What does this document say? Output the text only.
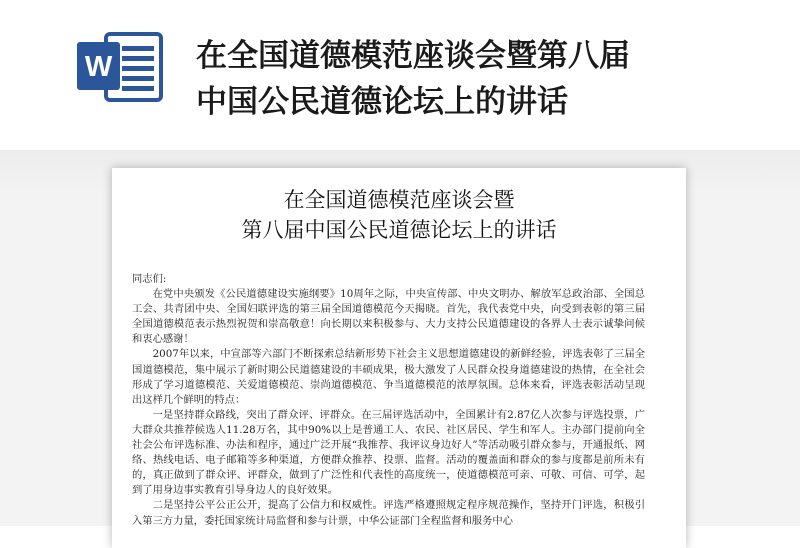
W	在全国道德模范座谈会暨第八届
中国公民道德论坛上的讲话
在全国道德模范座谈会暨
第八届中国公民道德论坛上的讲话

同志们:

在党中央颁发《公民道德建设实施纲要》10周年之际，中央宣传部、中央文明办、解放军总政治部、全国总工会、共青团中央、全国妇联评选的第三届全国道德模范今天揭晓。首先，我代表党中央，向受到表彰的第三届全国道德模范表示热烈祝贺和崇高敬意！向长期以来积极参与、大力支持公民道德建设的各界人士表示诚挚问候和衷心感谢！

2007年以来，中宣部等六部门不断探索总结新形势下社会主义思想道德建设的新鲜经验，评选表彰了三届全国道德模范，集中展示了新时期公民道德建设的丰硕成果，极大激发了人民群众投身道德建设的热情，在全社会形成了学习道德模范、关爱道德模范、崇尚道德模范、争当道德模范的浓厚氛围。总体来看，评选表彰活动呈现出这样几个鲜明的特点：

一是坚持群众路线，突出了群众评、评群众。在三届评选活动中，全国累计有2.87亿人次参与评选投票，广大群众共推荐候选人11.28万名，其中90%以上是普通工人、农民、社区居民、学生和军人。主办部门提前向全社会公布评选标准、办法和程序，通过广泛开展“我推荐、我评议身边好人”等活动吸引群众参与，开通报纸、网络、热线电话、电子邮箱等多种渠道，方便群众推荐、投票、监督。活动的覆盖面和群众的参与度都是前所未有的，真正做到了群众评、评群众，做到了广泛性和代表性的高度统一，使道德模范可亲、可敬、可信、可学，起到了用身边事实教育引导身边人的良好效果。

二是坚持公平公正公开，提高了公信力和权威性。评选严格遵照规定程序规范操作，坚持开门评选，积极引入第三方力量，委托国家统计局监督和参与计票，中华公证部门全程监督和服务中心
